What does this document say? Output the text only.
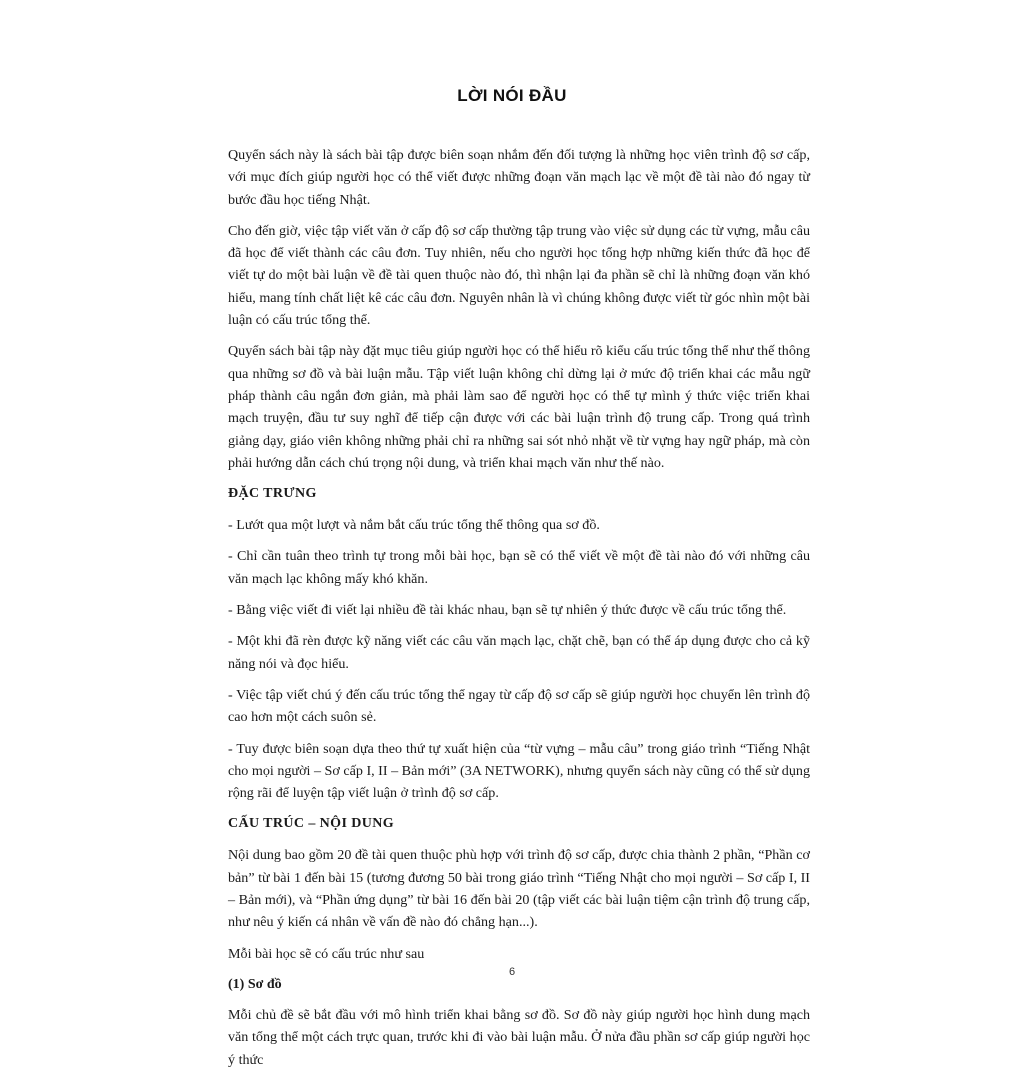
LỜI NÓI ĐẦU

Quyển sách này là sách bài tập được biên soạn nhắm đến đối tượng là những học viên trình độ sơ cấp, với mục đích giúp người học có thể viết được những đoạn văn mạch lạc về một đề tài nào đó ngay từ bước đầu học tiếng Nhật.

Cho đến giờ, việc tập viết văn ở cấp độ sơ cấp thường tập trung vào việc sử dụng các từ vựng, mẫu câu đã học để viết thành các câu đơn. Tuy nhiên, nếu cho người học tổng hợp những kiến thức đã học để viết tự do một bài luận về đề tài quen thuộc nào đó, thì nhận lại đa phần sẽ chỉ là những đoạn văn khó hiểu, mang tính chất liệt kê các câu đơn. Nguyên nhân là vì chúng không được viết từ góc nhìn một bài luận có cấu trúc tổng thể.

Quyển sách bài tập này đặt mục tiêu giúp người học có thể hiểu rõ kiểu cấu trúc tổng thể như thế thông qua những sơ đồ và bài luận mẫu. Tập viết luận không chỉ dừng lại ở mức độ triển khai các mẫu ngữ pháp thành câu ngắn đơn giản, mà phải làm sao để người học có thể tự mình ý thức việc triển khai mạch truyện, đầu tư suy nghĩ để tiếp cận được với các bài luận trình độ trung cấp. Trong quá trình giảng dạy, giáo viên không những phải chỉ ra những sai sót nhỏ nhặt về từ vựng hay ngữ pháp, mà còn phải hướng dẫn cách chú trọng nội dung, và triển khai mạch văn như thế nào.

ĐẶC TRƯNG

- Lướt qua một lượt và nắm bắt cấu trúc tổng thể thông qua sơ đồ.

- Chỉ cần tuân theo trình tự trong mỗi bài học, bạn sẽ có thể viết về một đề tài nào đó với những câu văn mạch lạc không mấy khó khăn.

- Bằng việc viết đi viết lại nhiều đề tài khác nhau, bạn sẽ tự nhiên ý thức được về cấu trúc tổng thể.

- Một khi đã rèn được kỹ năng viết các câu văn mạch lạc, chặt chẽ, bạn có thể áp dụng được cho cả kỹ năng nói và đọc hiểu.

- Việc tập viết chú ý đến cấu trúc tổng thể ngay từ cấp độ sơ cấp sẽ giúp người học chuyển lên trình độ cao hơn một cách suôn sẻ.

- Tuy được biên soạn dựa theo thứ tự xuất hiện của “từ vựng – mẫu câu” trong giáo trình “Tiếng Nhật cho mọi người – Sơ cấp I, II – Bản mới” (3A NETWORK), nhưng quyển sách này cũng có thể sử dụng rộng rãi để luyện tập viết luận ở trình độ sơ cấp.

CẤU TRÚC – NỘI DUNG

Nội dung bao gồm 20 đề tài quen thuộc phù hợp với trình độ sơ cấp, được chia thành 2 phần, “Phần cơ bản” từ bài 1 đến bài 15 (tương đương 50 bài trong giáo trình “Tiếng Nhật cho mọi người – Sơ cấp I, II – Bản mới), và “Phần ứng dụng” từ bài 16 đến bài 20 (tập viết các bài luận tiệm cận trình độ trung cấp, như nêu ý kiến cá nhân về vấn đề nào đó chẳng hạn...).

Mỗi bài học sẽ có cấu trúc như sau

(1) Sơ đồ

Mỗi chủ đề sẽ bắt đầu với mô hình triển khai bằng sơ đồ. Sơ đồ này giúp người học hình dung mạch văn tổng thể một cách trực quan, trước khi đi vào bài luận mẫu. Ở nửa đầu phần sơ cấp giúp người học ý thức

6
